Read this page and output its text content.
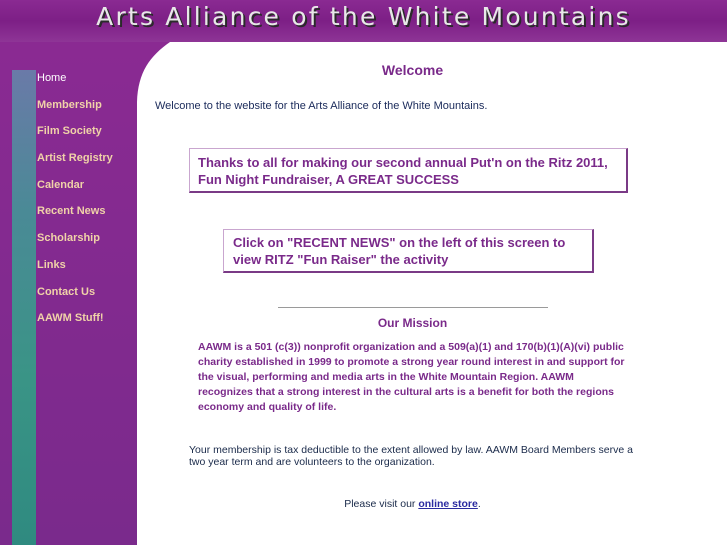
Arts Alliance of the White Mountains
Home
Membership
Film Society
Artist Registry
Calendar
Recent News
Scholarship
Links
Contact Us
AAWM Stuff!
Welcome
Welcome to the website for the Arts Alliance of the White Mountains.
Thanks to all for making our second annual Put'n on the Ritz 2011, Fun Night Fundraiser, A GREAT SUCCESS
Click on "RECENT NEWS" on the left of this screen to view RITZ "Fun Raiser" the activity
Our Mission
AAWM is a 501 (c(3)) nonprofit organization and a 509(a)(1) and 170(b)(1)(A)(vi) public charity established in 1999 to promote a strong year round interest in and support for the visual, performing and media arts in the White Mountain Region. AAWM recognizes that a strong interest in the cultural arts is a benefit for both the regions economy and quality of life.
Your membership is tax deductible to the extent allowed by law. AAWM Board Members serve a two year term and are volunteers to the organization.
Please visit our online store.
